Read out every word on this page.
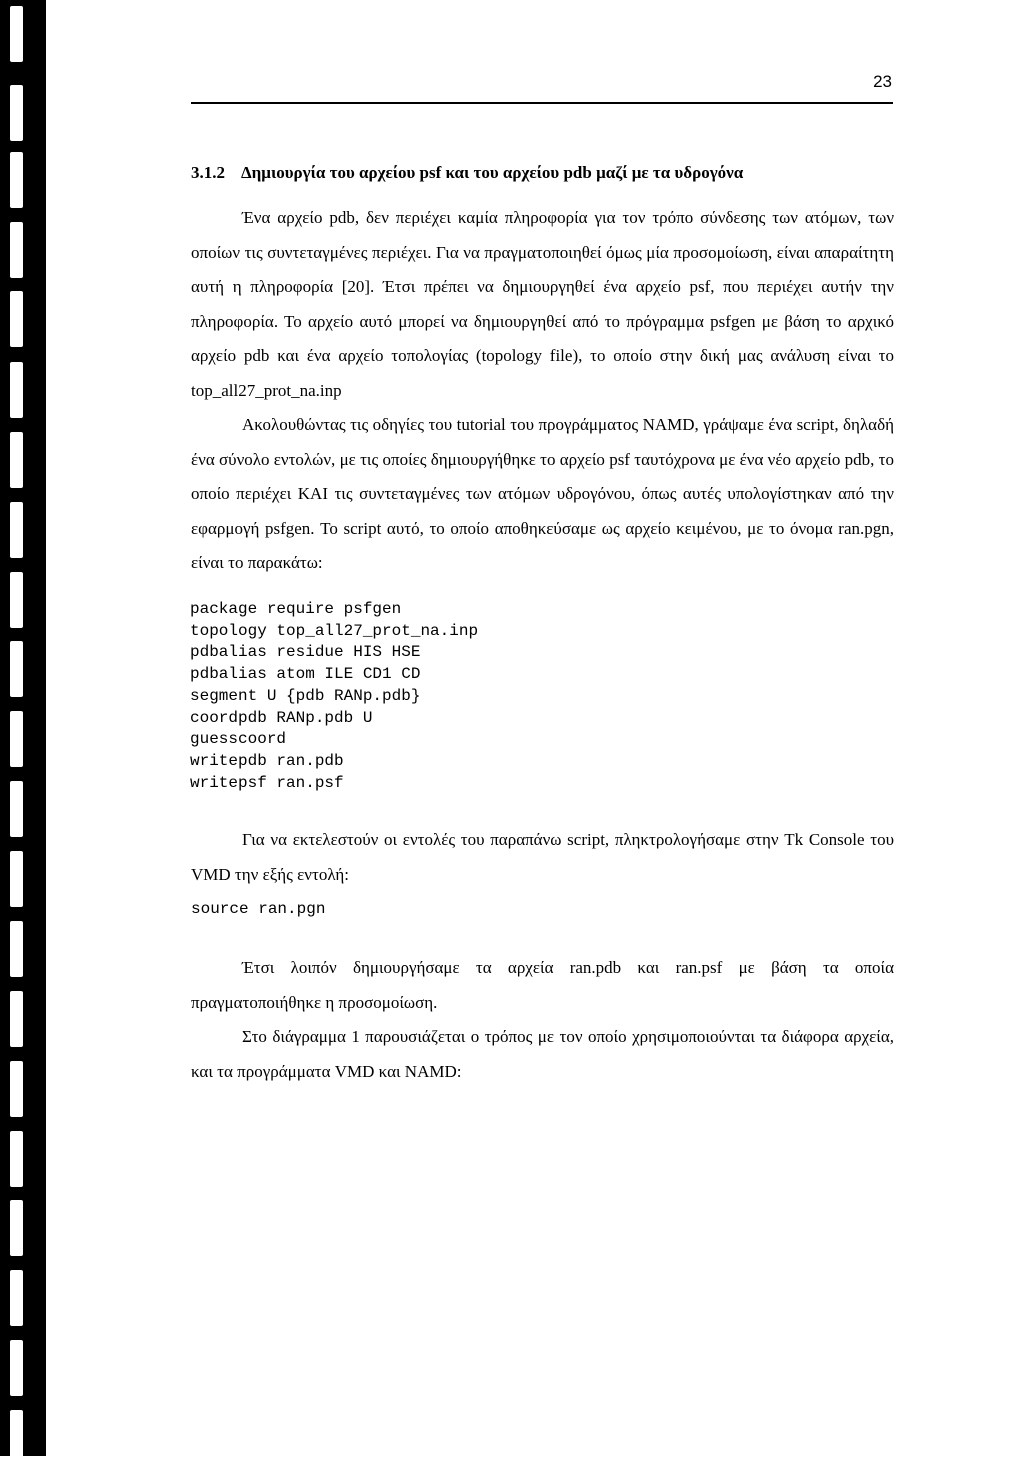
23
3.1.2 Δημιουργία του αρχείου psf και του αρχείου pdb μαζί με τα υδρογόνα

Ένα αρχείο pdb, δεν περιέχει καμία πληροφορία για τον τρόπο σύνδεσης των ατόμων, των οποίων τις συντεταγμένες περιέχει. Για να πραγματοποιηθεί όμως μία προσομοίωση, είναι απαραίτητη αυτή η πληροφορία [20]. Έτσι πρέπει να δημιουργηθεί ένα αρχείο psf, που περιέχει αυτήν την πληροφορία. Το αρχείο αυτό μπορεί να δημιουργηθεί από το πρόγραμμα psfgen με βάση το αρχικό αρχείο pdb και ένα αρχείο τοπολογίας (topology file), το οποίο στην δική μας ανάλυση είναι το top_all27_prot_na.inp

Ακολουθώντας τις οδηγίες του tutorial του προγράμματος NAMD, γράψαμε ένα script, δηλαδή ένα σύνολο εντολών, με τις οποίες δημιουργήθηκε το αρχείο psf ταυτόχρονα με ένα νέο αρχείο pdb, το οποίο περιέχει ΚΑΙ τις συντεταγμένες των ατόμων υδρογόνου, όπως αυτές υπολογίστηκαν από την εφαρμογή psfgen. Το script αυτό, το οποίο αποθηκεύσαμε ως αρχείο κειμένου, με το όνομα ran.pgn, είναι το παρακάτω:

package require psfgen
topology top_all27_prot_na.inp
pdbalias residue HIS HSE
pdbalias atom ILE CD1 CD
segment U {pdb RANp.pdb}
coordpdb RANp.pdb U
guesscoord
writepdb ran.pdb
writepsf ran.psf

Για να εκτελεστούν οι εντολές του παραπάνω script, πληκτρολογήσαμε στην Tk Console του VMD την εξής εντολή:

source ran.pgn

Έτσι λοιπόν δημιουργήσαμε τα αρχεία ran.pdb και ran.psf με βάση τα οποία πραγματοποιήθηκε η προσομοίωση.

Στο διάγραμμα 1 παρουσιάζεται ο τρόπος με τον οποίο χρησιμοποιούνται τα διάφορα αρχεία, και τα προγράμματα VMD και NAMD:
